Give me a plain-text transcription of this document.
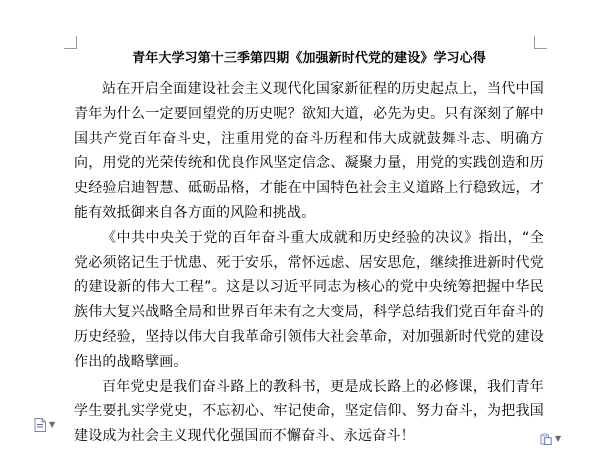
青年大学习第十三季第四期《加强新时代党的建设》学习心得

站在开启全面建设社会主义现代化国家新征程的历史起点上，当代中国青年为什么一定要回望党的历史呢？欲知大道，必先为史。只有深刻了解中国共产党百年奋斗史，注重用党的奋斗历程和伟大成就鼓舞斗志、明确方向，用党的光荣传统和优良作风坚定信念、凝聚力量，用党的实践创造和历史经验启迪智慧、砥砺品格，才能在中国特色社会主义道路上行稳致远，才能有效抵御来自各方面的风险和挑战。

《中共中央关于党的百年奋斗重大成就和历史经验的决议》指出，“全党必须铭记生于忧患、死于安乐，常怀远虑、居安思危，继续推进新时代党的建设新的伟大工程”。这是以习近平同志为核心的党中央统筹把握中华民族伟大复兴战略全局和世界百年未有之大变局，科学总结我们党百年奋斗的历史经验，坚持以伟大自我革命引领伟大社会革命，对加强新时代党的建设作出的战略擘画。

百年党史是我们奋斗路上的教科书，更是成长路上的必修课，我们青年学生要扎实学党史，不忘初心、牢记使命，坚定信仰、努力奋斗，为把我国建设成为社会主义现代化强国而不懈奋斗、永远奋斗！

▼
▼
